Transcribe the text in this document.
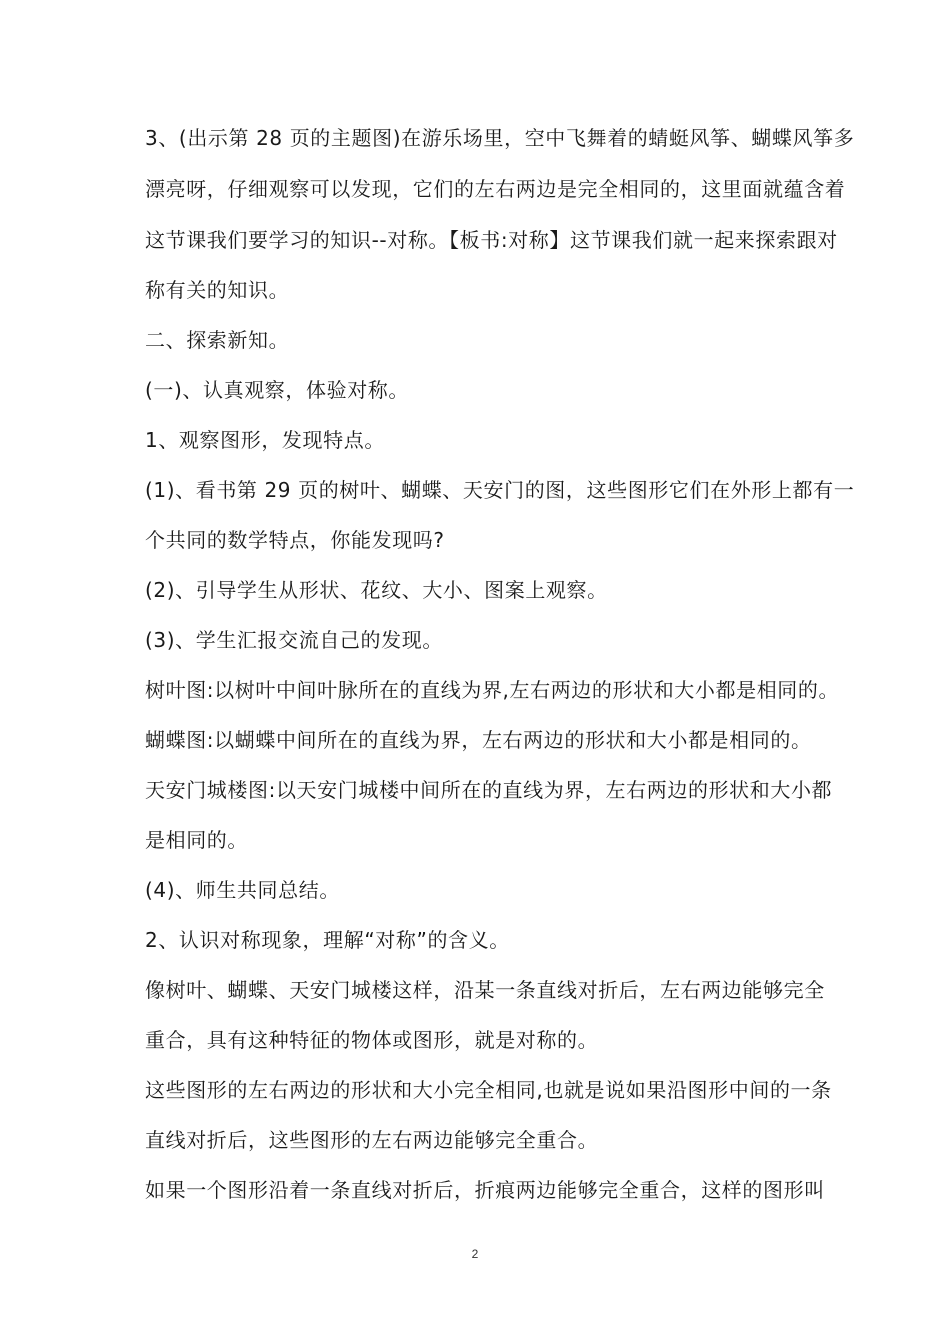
3、(出示第 28 页的主题图)在游乐场里，空中飞舞着的蜻蜓风筝、蝴蝶风筝多
漂亮呀，仔细观察可以发现，它们的左右两边是完全相同的，这里面就蕴含着
这节课我们要学习的知识--对称。【板书:对称】这节课我们就一起来探索跟对
称有关的知识。
二、探索新知。
(一)、认真观察，体验对称。
1、观察图形，发现特点。
(1)、看书第 29 页的树叶、蝴蝶、天安门的图，这些图形它们在外形上都有一
个共同的数学特点，你能发现吗?
(2)、引导学生从形状、花纹、大小、图案上观察。
(3)、学生汇报交流自己的发现。
树叶图:以树叶中间叶脉所在的直线为界,左右两边的形状和大小都是相同的。
蝴蝶图:以蝴蝶中间所在的直线为界，左右两边的形状和大小都是相同的。
天安门城楼图:以天安门城楼中间所在的直线为界，左右两边的形状和大小都
是相同的。
(4)、师生共同总结。
2、认识对称现象，理解“对称”的含义。
像树叶、蝴蝶、天安门城楼这样，沿某一条直线对折后，左右两边能够完全
重合，具有这种特征的物体或图形，就是对称的。
这些图形的左右两边的形状和大小完全相同,也就是说如果沿图形中间的一条
直线对折后，这些图形的左右两边能够完全重合。
如果一个图形沿着一条直线对折后，折痕两边能够完全重合，这样的图形叫
2
